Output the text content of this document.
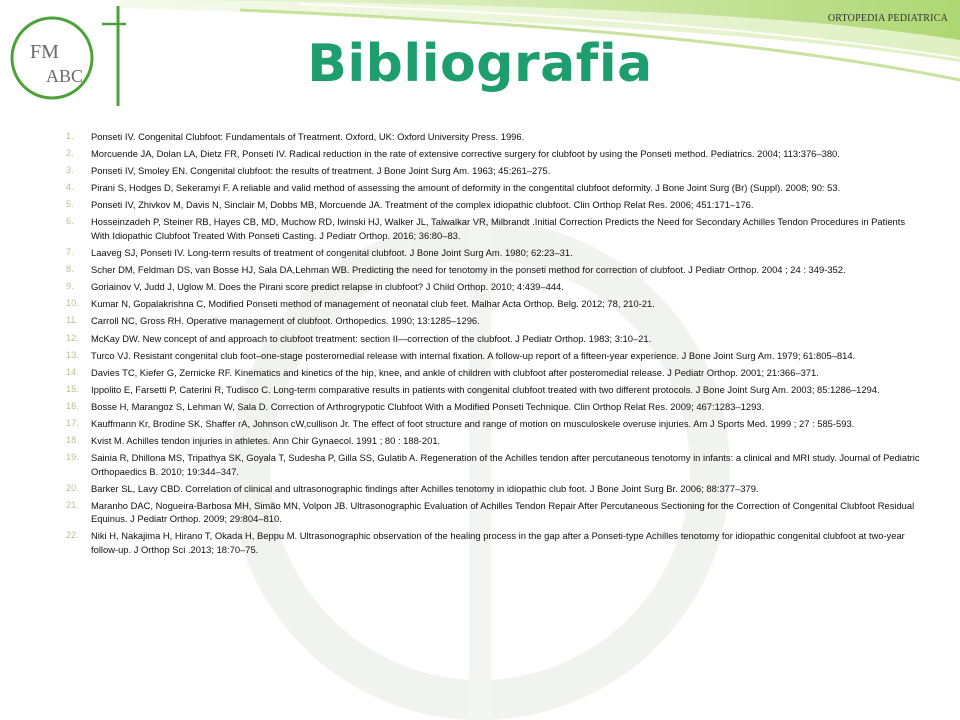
ORTOPEDIA PEDIATRICA
FM
ABC	Bibliografia
1. Ponseti IV. Congenital Clubfoot: Fundamentals of Treatment. Oxford, UK: Oxford University Press. 1996.
2. Morcuende JA, Dolan LA, Dietz FR, Ponseti IV. Radical reduction in the rate of extensive corrective surgery for clubfoot by using the Ponseti method. Pediatrics. 2004; 113:376–380.
3. Ponseti IV, Smoley EN. Congenital clubfoot: the results of treatment. J Bone Joint Surg Am. 1963; 45:261–275.
4. Pirani S, Hodges D, Sekeramyi F. A reliable and valid method of assessing the amount of deformity in the congentital clubfoot deformity. J Bone Joint Surg (Br) (Suppl). 2008; 90: 53.
5. Ponseti IV, Zhivkov M, Davis N, Sinclair M, Dobbs MB, Morcuende JA. Treatment of the complex idiopathic clubfoot. Clin Orthop Relat Res. 2006; 451:171–176.
6. Hosseinzadeh P, Steiner RB, Hayes CB, MD, Muchow RD, Iwinski HJ, Walker JL, Talwalkar VR, Milbrandt .Initial Correction Predicts the Need for Secondary Achilles Tendon Procedures in Patients With Idiopathic Clubfoot Treated With Ponseti Casting. J Pediatr Orthop. 2016; 36:80–83.
7. Laaveg SJ, Ponseti IV. Long-term results of treatment of congenital clubfoot. J Bone Joint Surg Am. 1980; 62:23–31.
8. Scher DM, Feldman DS, van Bosse HJ, Sala DA,Lehman WB. Predicting the need for tenotomy in the ponseti method for correction of clubfoot. J Pediatr Orthop. 2004 ; 24 : 349-352.
9. Goriainov V, Judd J, Uglow M. Does the Pirani score predict relapse in clubfoot? J Child Orthop. 2010; 4:439–444.
10. Kumar N, Gopalakrishna C, Modified Ponseti method of management of neonatal club feet. Malhar Acta Orthop. Belg. 2012; 78, 210-21.
11. Carroll NC, Gross RH. Operative management of clubfoot. Orthopedics. 1990; 13:1285–1296.
12. McKay DW. New concept of and approach to clubfoot treatment: section II—correction of the clubfoot. J Pediatr Orthop. 1983; 3:10–21.
13. Turco VJ. Resistant congenital club foot–one-stage posteromedial release with internal fixation. A follow-up report of a fifteen-year experience. J Bone Joint Surg Am. 1979; 61:805–814.
14. Davies TC, Kiefer G, Zernicke RF. Kinematics and kinetics of the hip, knee, and ankle of children with clubfoot after posteromedial release. J Pediatr Orthop. 2001; 21:366–371.
15. Ippolito E, Farsetti P, Caterini R, Tudisco C. Long-term comparative results in patients with congenital clubfoot treated with two different protocols. J Bone Joint Surg Am. 2003; 85:1286–1294.
16. Bosse H, Marangoz S, Lehman W, Sala D. Correction of Arthrogrypotic Clubfoot With a Modified Ponseti Technique. Clin Orthop Relat Res. 2009; 467:1283–1293.
17. Kauffmann Kr, Brodine SK, Shaffer rA, Johnson cW,cullison Jr. The effect of foot structure and range of motion on musculoskele overuse injuries. Am J Sports Med. 1999 ; 27 : 585-593.
18. Kvist M. Achilles tendon injuries in athletes. Ann Chir Gynaecol. 1991 ; 80 : 188-201.
19. Sainia R, Dhillona MS, Tripathya SK, Goyala T, Sudesha P, Gilla SS, Gulatib A. Regeneration of the Achilles tendon after percutaneous tenotomy in infants: a clinical and MRI study. Journal of Pediatric Orthopaedics B. 2010; 19:344–347.
20. Barker SL, Lavy CBD. Correlation of clinical and ultrasonographic findings after Achilles tenotomy in idiopathic club foot. J Bone Joint Surg Br. 2006; 88:377–379.
21. Maranho DAC, Nogueira-Barbosa MH, Simão MN, Volpon JB. Ultrasonographic Evaluation of Achilles Tendon Repair After Percutaneous Sectioning for the Correction of Congenital Clubfoot Residual Equinus. J Pediatr Orthop. 2009; 29:804–810.
22. Niki H, Nakajima H, Hirano T, Okada H, Beppu M. Ultrasonographic observation of the healing process in the gap after a Ponseti-type Achilles tenotomy for idiopathic congenital clubfoot at two-year follow-up. J Orthop Sci .2013; 18:70–75.
